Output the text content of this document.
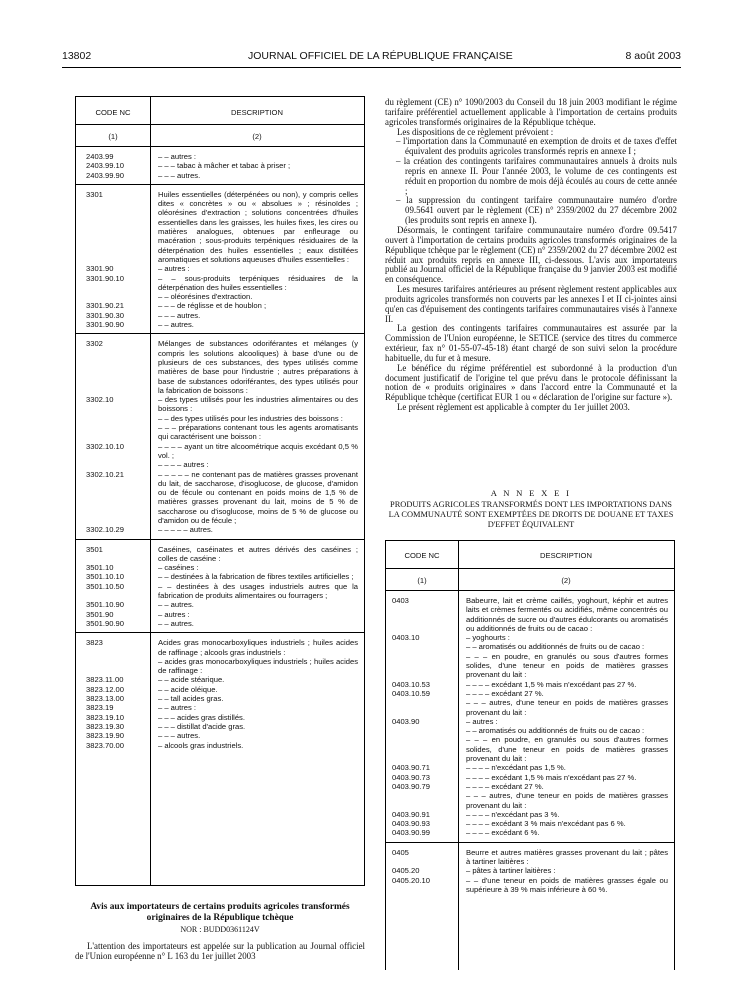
13802	JOURNAL OFFICIEL DE LA RÉPUBLIQUE FRANÇAISE	8 août 2003
CODE NC	DESCRIPTION
(1)	(2)
2403.99	– – autres :
2403.99.10	– – – tabac à mâcher et tabac à priser ;
2403.99.90	– – – autres.
3301	Huiles essentielles (déterpénées ou non), y compris celles dites « concrètes » ou « absolues » ; résinoïdes ; oléorésines d'extraction ; solutions concentrées d'huiles essentielles dans les graisses, les huiles fixes, les cires ou matières analogues, obtenues par enfleurage ou macération ; sous-produits terpéniques résiduaires de la déterpénation des huiles essentielles ; eaux distillées aromatiques et solutions aqueuses d'huiles essentielles :
3301.90	– autres :
3301.90.10	– – sous-produits terpéniques résiduaires de la déterpénation des huiles essentielles :
– – oléorésines d'extraction.
3301.90.21	– – – de réglisse et de houblon ;
3301.90.30	– – – autres.
3301.90.90	– – autres.
3302	Mélanges de substances odoriférantes et mélanges (y compris les solutions alcooliques) à base d'une ou de plusieurs de ces substances, des types utilisés comme matières de base pour l'industrie ; autres préparations à base de substances odoriférantes, des types utilisés pour la fabrication de boissons :
3302.10	– des types utilisés pour les industries alimentaires ou des boissons :
– – des types utilisés pour les industries des boissons :
– – – préparations contenant tous les agents aromatisants qui caractérisent une boisson :
3302.10.10	– – – – ayant un titre alcoométrique acquis excédant 0,5 % vol. ;
– – – – autres :
3302.10.21	– – – – – ne contenant pas de matières grasses provenant du lait, de saccharose, d'isoglucose, de glucose, d'amidon ou de fécule ou contenant en poids moins de 1,5 % de matières grasses provenant du lait, moins de 5 % de saccharose ou d'isoglucose, moins de 5 % de glucose ou d'amidon ou de fécule ;
3302.10.29	– – – – – autres.
3501	Caséines, caséinates et autres dérivés des caséines ; colles de caséine :
3501.10	– caséines :
3501.10.10	– – destinées à la fabrication de fibres textiles artificielles ;
3501.10.50	– – destinées à des usages industriels autres que la fabrication de produits alimentaires ou fourragers ;
3501.10.90	– – autres.
3501.90	– autres :
3501.90.90	– – autres.
3823	Acides gras monocarboxyliques industriels ; huiles acides de raffinage ; alcools gras industriels :
– acides gras monocarboxyliques industriels ; huiles acides de raffinage :
3823.11.00	– – acide stéarique.
3823.12.00	– – acide oléique.
3823.13.00	– – tall acides gras.
3823.19	– – autres :
3823.19.10	– – – acides gras distillés.
3823.19.30	– – – distillat d'acide gras.
3823.19.90	– – – autres.
3823.70.00	– alcools gras industriels.
Avis aux importateurs de certains produits agricoles transformés originaires de la République tchèque
NOR : BUDD0361124V
L'attention des importateurs est appelée sur la publication au Journal officiel de l'Union européenne n° L 163 du 1er juillet 2003

du règlement (CE) n° 1090/2003 du Conseil du 18 juin 2003 modifiant le régime tarifaire préférentiel actuellement applicable à l'importation de certains produits agricoles transformés originaires de la République tchèque.

Les dispositions de ce règlement prévoient :

– l'importation dans la Communauté en exemption de droits et de taxes d'effet équivalent des produits agricoles transformés repris en annexe I ;

– la création des contingents tarifaires communautaires annuels à droits nuls repris en annexe II. Pour l'année 2003, le volume de ces contingents est réduit en proportion du nombre de mois déjà écoulés au cours de cette année ;

– la suppression du contingent tarifaire communautaire numéro d'ordre 09.5641 ouvert par le règlement (CE) n° 2359/2002 du 27 décembre 2002 (les produits sont repris en annexe I).

Désormais, le contingent tarifaire communautaire numéro d'ordre 09.5417 ouvert à l'importation de certains produits agricoles transformés originaires de la République tchèque par le règlement (CE) n° 2359/2002 du 27 décembre 2002 est réduit aux produits repris en annexe III, ci-dessous. L'avis aux importateurs publié au Journal officiel de la République française du 9 janvier 2003 est modifié en conséquence.

Les mesures tarifaires antérieures au présent règlement restent applicables aux produits agricoles transformés non couverts par les annexes I et II ci-jointes ainsi qu'en cas d'épuisement des contingents tarifaires communautaires visés à l'annexe II.

La gestion des contingents tarifaires communautaires est assurée par la Commission de l'Union européenne, le SETICE (service des titres du commerce extérieur, fax n° 01-55-07-45-18) étant chargé de son suivi selon la procédure habituelle, du fur et à mesure.

Le bénéfice du régime préférentiel est subordonné à la production d'un document justificatif de l'origine tel que prévu dans le protocole définissant la notion de « produits originaires » dans l'accord entre la Communauté et la République tchèque (certificat EUR 1 ou « déclaration de l'origine sur facture »).

Le présent règlement est applicable à compter du 1er juillet 2003.

A N N E X E I
PRODUITS AGRICOLES TRANSFORMÉS DONT LES IMPORTATIONS DANS LA COMMUNAUTÉ SONT EXEMPTÉES DE DROITS DE DOUANE ET TAXES D'EFFET ÉQUIVALENT
CODE NC	DESCRIPTION
(1)	(2)
0403	Babeurre, lait et crème caillés, yoghourt, képhir et autres laits et crèmes fermentés ou acidifiés, même concentrés ou additionnés de sucre ou d'autres édulcorants ou aromatisés ou additionnés de fruits ou de cacao :
0403.10	– yoghourts :
– – aromatisés ou additionnés de fruits ou de cacao :
– – – en poudre, en granulés ou sous d'autres formes solides, d'une teneur en poids de matières grasses provenant du lait :
0403.10.53	– – – – excédant 1,5 % mais n'excédant pas 27 %.
0403.10.59	– – – – excédant 27 %.
– – – autres, d'une teneur en poids de matières grasses provenant du lait :
0403.90	– autres :
– – aromatisés ou additionnés de fruits ou de cacao :
– – – en poudre, en granulés ou sous d'autres formes solides, d'une teneur en poids de matières grasses provenant du lait :
0403.90.71	– – – – n'excédant pas 1,5 %.
0403.90.73	– – – – excédant 1,5 % mais n'excédant pas 27 %.
0403.90.79	– – – – excédant 27 %.
– – – autres, d'une teneur en poids de matières grasses provenant du lait :
0403.90.91	– – – – n'excédant pas 3 %.
0403.90.93	– – – – excédant 3 % mais n'excédant pas 6 %.
0403.90.99	– – – – excédant 6 %.
0405	Beurre et autres matières grasses provenant du lait ; pâtes à tartiner laitières :
0405.20	– pâtes à tartiner laitières :
0405.20.10	– – d'une teneur en poids de matières grasses égale ou supérieure à 39 % mais inférieure à 60 %.
